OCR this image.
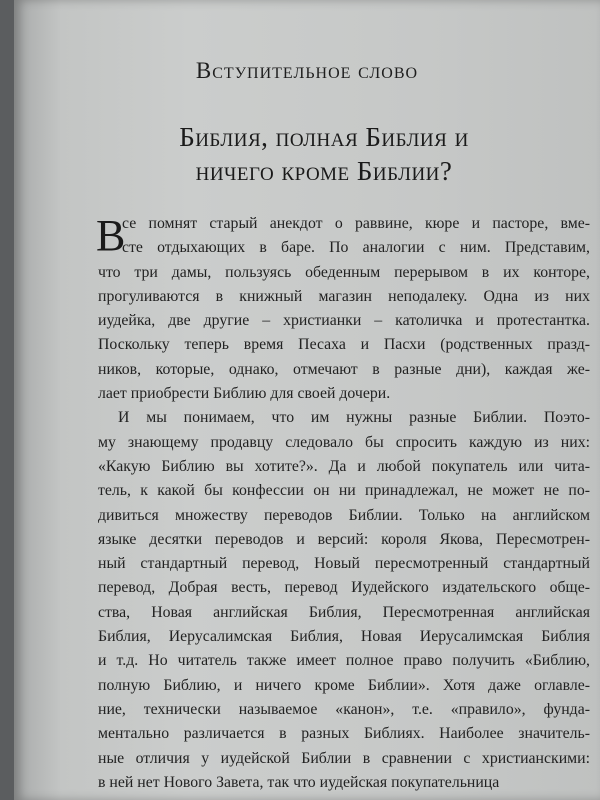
Вступительное слово
Библия, полная Библия и
ничего кроме Библии?
В
се помнят старый анекдот о раввине, кюре и пасторе, вме-
сте отдыхающих в баре. По аналогии с ним. Представим,
что три дамы, пользуясь обеденным перерывом в их конторе,
прогуливаются в книжный магазин неподалеку. Одна из них
иудейка, две другие – христианки – католичка и протестантка.
Поскольку теперь время Песаха и Пасхи (родственных празд-
ников, которые, однако, отмечают в разные дни), каждая же-
лает приобрести Библию для своей дочери.
И мы понимаем, что им нужны разные Библии. Поэто-
му знающему продавцу следовало бы спросить каждую из них:
«Какую Библию вы хотите?». Да и любой покупатель или чита-
тель, к какой бы конфессии он ни принадлежал, не может не по-
дивиться множеству переводов Библии. Только на английском
языке десятки переводов и версий: короля Якова, Пересмотрен-
ный стандартный перевод, Новый пересмотренный стандартный
перевод, Добрая весть, перевод Иудейского издательского обще-
ства, Новая английская Библия, Пересмотренная английская
Библия, Иерусалимская Библия, Новая Иерусалимская Библия
и т.д. Но читатель также имеет полное право получить «Библию,
полную Библию, и ничего кроме Библии». Хотя даже оглавле-
ние, технически называемое «канон», т.е. «правило», фунда-
ментально различается в разных Библиях. Наиболее значитель-
ные отличия у иудейской Библии в сравнении с христианскими:
в ней нет Нового Завета, так что иудейская покупательница
